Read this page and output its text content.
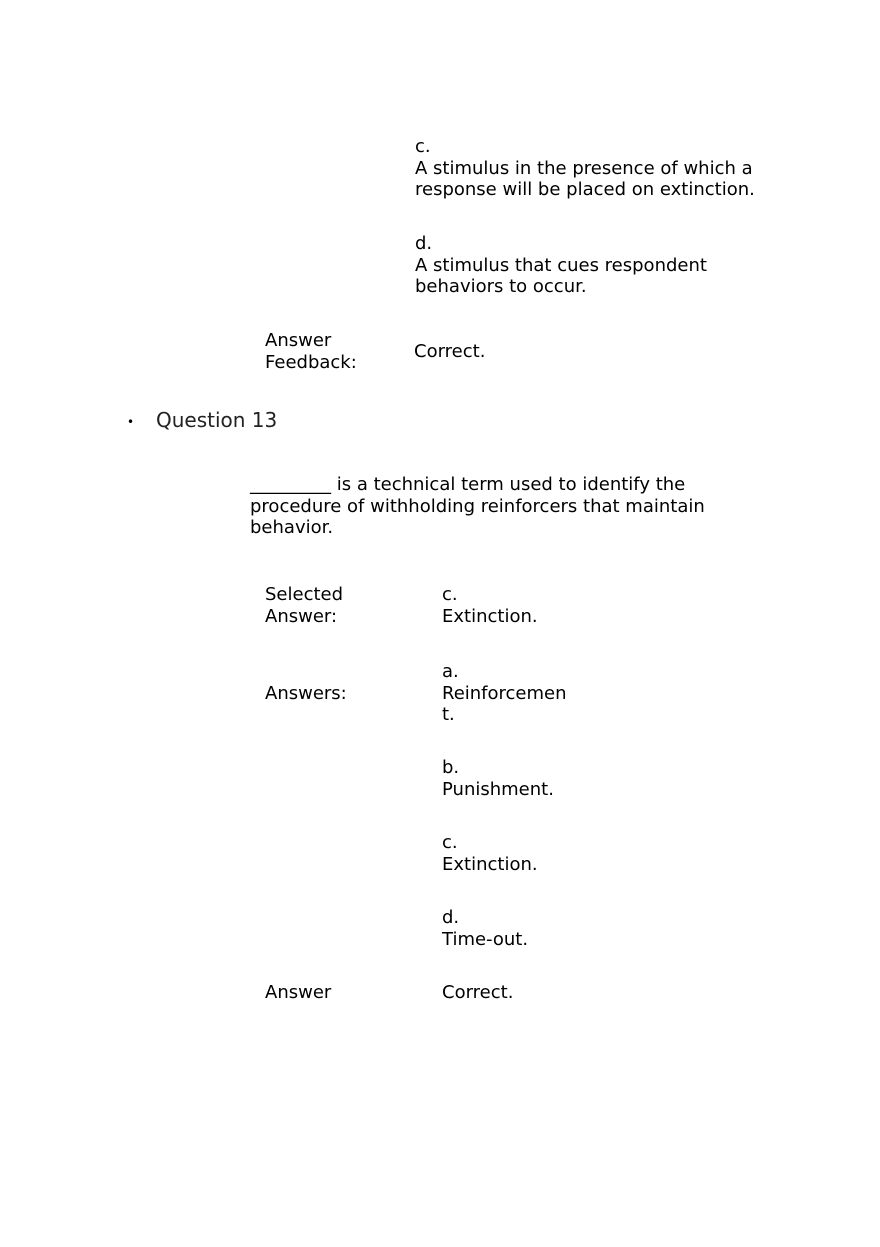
c.
A stimulus in the presence of which a response will be placed on extinction.
d.
A stimulus that cues respondent behaviors to occur.
Answer Feedback:	Correct.
• Question 13
_________ is a technical term used to identify the procedure of withholding reinforcers that maintain behavior.
Selected Answer:
c.
Extinction.
Answers:
a.
Reinforcement.
b.
Punishment.
c.
Extinction.
d.
Time-out.
Answer	Correct.
